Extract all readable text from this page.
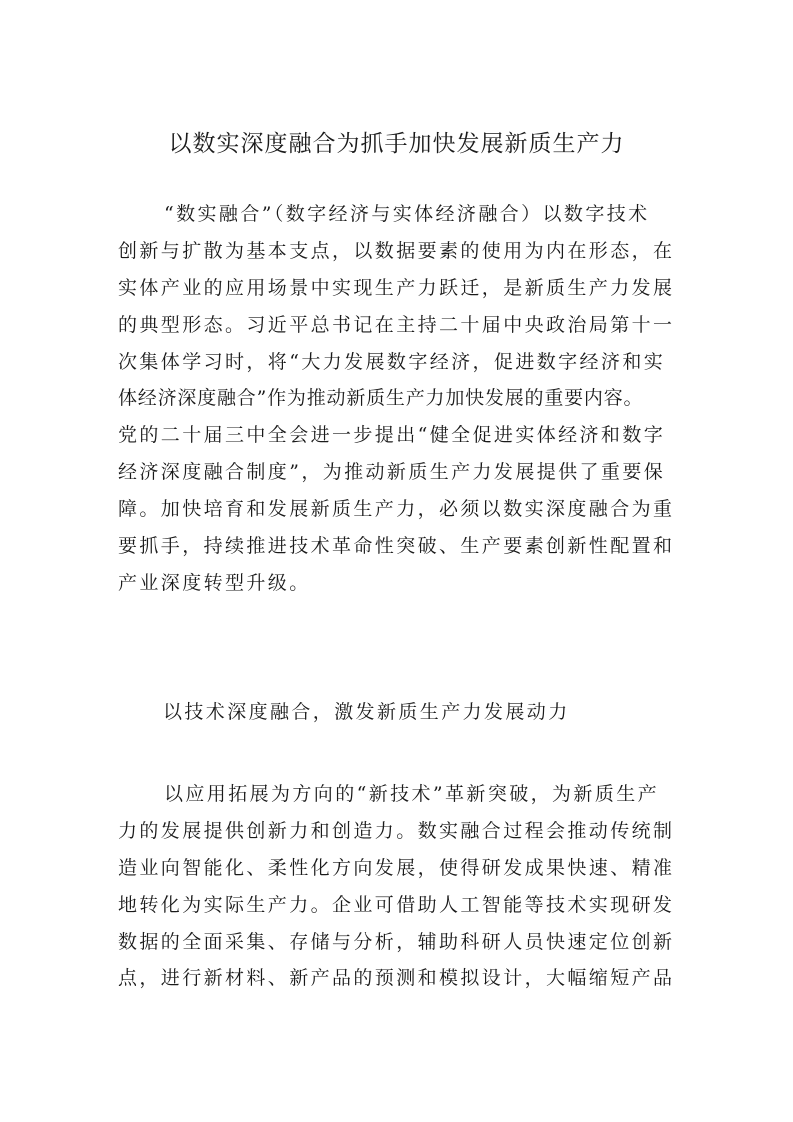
以数实深度融合为抓手加快发展新质生产力
“数实融合”（数字经济与实体经济融合）以数字技术
创新与扩散为基本支点，以数据要素的使用为内在形态，在
实体产业的应用场景中实现生产力跃迁，是新质生产力发展
的典型形态。习近平总书记在主持二十届中央政治局第十一
次集体学习时，将“大力发展数字经济，促进数字经济和实
体经济深度融合”作为推动新质生产力加快发展的重要内容。
党的二十届三中全会进一步提出“健全促进实体经济和数字
经济深度融合制度”，为推动新质生产力发展提供了重要保
障。加快培育和发展新质生产力，必须以数实深度融合为重
要抓手，持续推进技术革命性突破、生产要素创新性配置和
产业深度转型升级。
以技术深度融合，激发新质生产力发展动力
以应用拓展为方向的“新技术”革新突破，为新质生产
力的发展提供创新力和创造力。数实融合过程会推动传统制
造业向智能化、柔性化方向发展，使得研发成果快速、精准
地转化为实际生产力。企业可借助人工智能等技术实现研发
数据的全面采集、存储与分析，辅助科研人员快速定位创新
点，进行新材料、新产品的预测和模拟设计，大幅缩短产品
